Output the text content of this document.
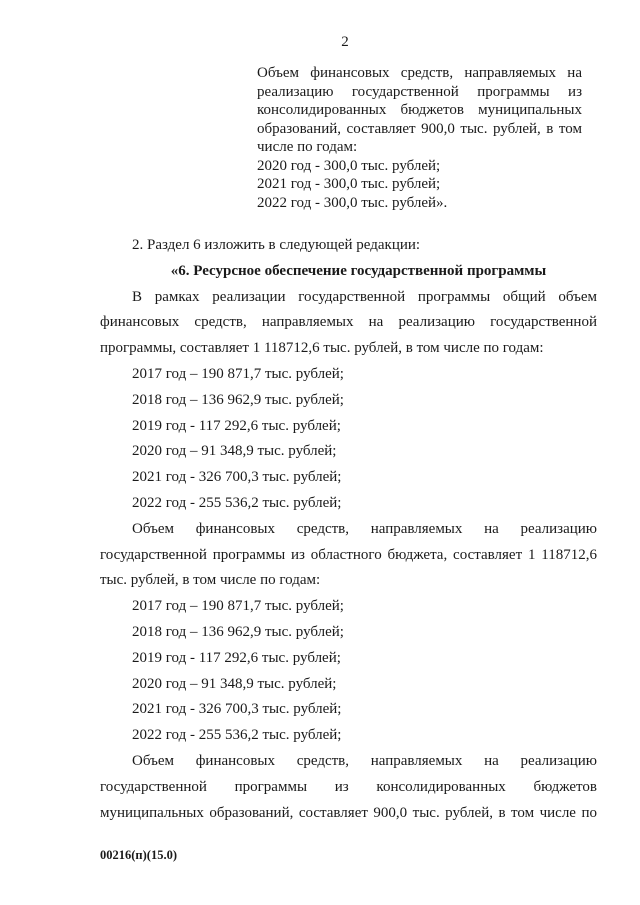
2
Объем финансовых средств, направляемых на
реализацию государственной программы из
консолидированных бюджетов муниципальных
образований, составляет 900,0 тыс. рублей, в том
числе по годам:
2020 год - 300,0 тыс. рублей;
2021 год - 300,0 тыс. рублей;
2022 год - 300,0 тыс. рублей».
2. Раздел 6 изложить в следующей редакции:
«6. Ресурсное обеспечение государственной программы
В рамках реализации государственной программы общий объем
финансовых средств, направляемых на реализацию государственной
программы, составляет 1 118712,6 тыс. рублей, в том числе по годам:
2017 год – 190 871,7 тыс. рублей;
2018 год – 136 962,9 тыс. рублей;
2019 год - 117 292,6 тыс. рублей;
2020 год – 91 348,9 тыс. рублей;
2021 год - 326 700,3 тыс. рублей;
2022 год - 255 536,2 тыс. рублей;
Объем финансовых средств, направляемых на реализацию
государственной программы из областного бюджета, составляет 1 118712,6
тыс. рублей, в том числе по годам:
2017 год – 190 871,7 тыс. рублей;
2018 год – 136 962,9 тыс. рублей;
2019 год - 117 292,6 тыс. рублей;
2020 год – 91 348,9 тыс. рублей;
2021 год - 326 700,3 тыс. рублей;
2022 год - 255 536,2 тыс. рублей;
Объем финансовых средств, направляемых на реализацию
государственной программы из консолидированных бюджетов
муниципальных образований, составляет 900,0 тыс. рублей, в том числе по
00216(п)(15.0)
